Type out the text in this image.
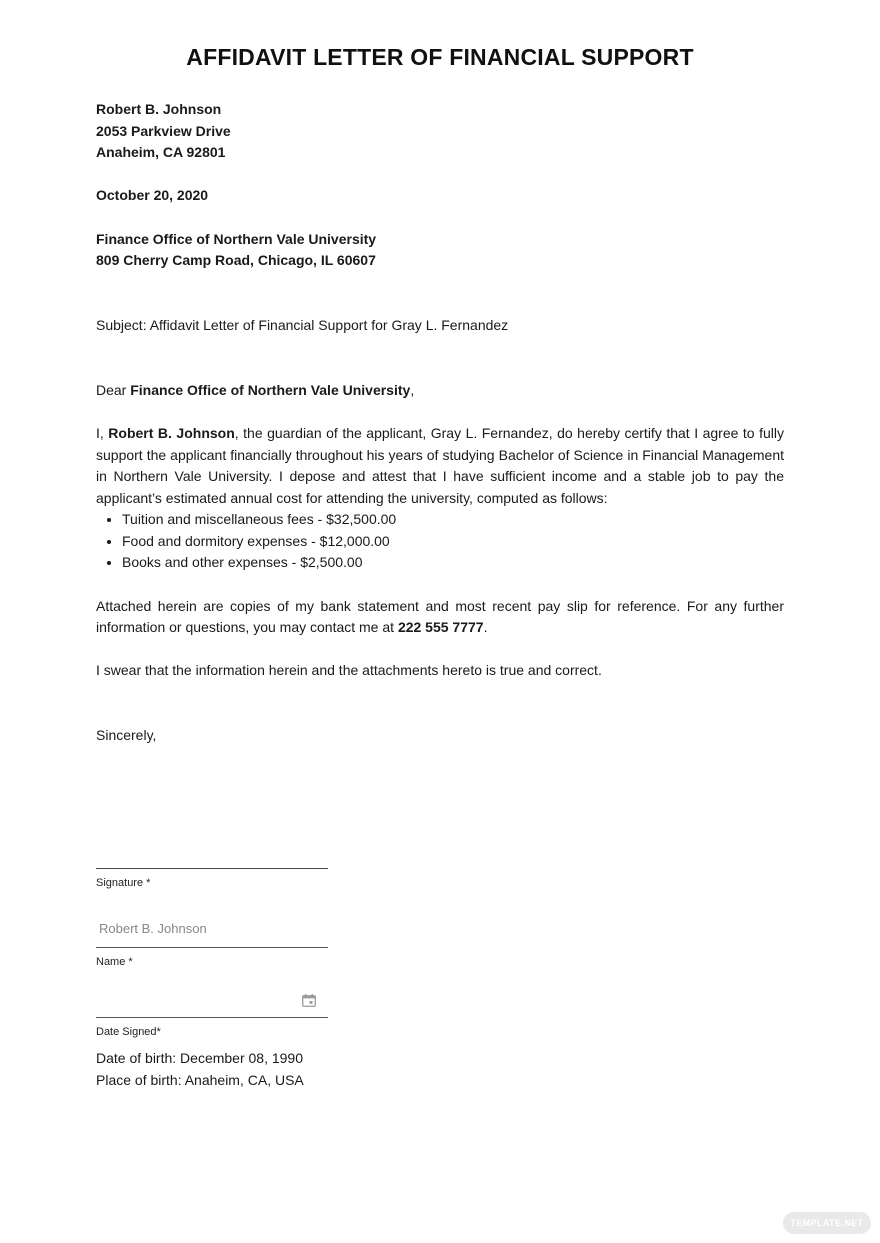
AFFIDAVIT LETTER OF FINANCIAL SUPPORT
Robert B. Johnson
2053 Parkview Drive
Anaheim, CA 92801
October 20, 2020
Finance Office of Northern Vale University
809 Cherry Camp Road, Chicago, IL 60607
Subject: Affidavit Letter of Financial Support for Gray L. Fernandez
Dear Finance Office of Northern Vale University,
I, Robert B. Johnson, the guardian of the applicant, Gray L. Fernandez, do hereby certify that I agree to fully support the applicant financially throughout his years of studying Bachelor of Science in Financial Management in Northern Vale University. I depose and attest that I have sufficient income and a stable job to pay the applicant’s estimated annual cost for attending the university, computed as follows:
• Tuition and miscellaneous fees - $32,500.00
• Food and dormitory expenses - $12,000.00
• Books and other expenses - $2,500.00
Attached herein are copies of my bank statement and most recent pay slip for reference. For any further information or questions, you may contact me at 222 555 7777.
I swear that the information herein and the attachments hereto is true and correct.
Sincerely,
Signature *
Robert B. Johnson
Name *
Date Signed*
Date of birth: December 08, 1990
Place of birth: Anaheim, CA, USA
TEMPLATE.NET
